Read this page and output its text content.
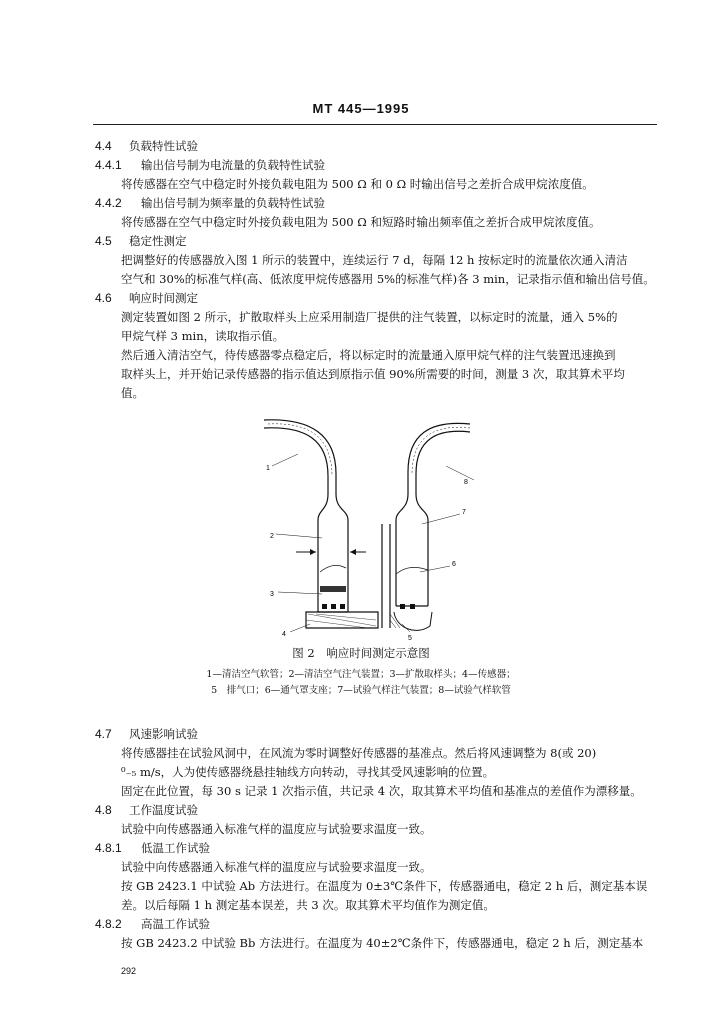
MT 445—1995
4.4 负载特性试验
4.4.1 输出信号制为电流量的负载特性试验
将传感器在空气中稳定时外接负载电阻为 500 Ω 和 0 Ω 时输出信号之差折合成甲烷浓度值。
4.4.2 输出信号制为频率量的负载特性试验
将传感器在空气中稳定时外接负载电阻为 500 Ω 和短路时输出频率值之差折合成甲烷浓度值。
4.5 稳定性测定
把调整好的传感器放入图 1 所示的装置中，连续运行 7 d，每隔 12 h 按标定时的流量依次通入清洁
空气和 30%的标准气样(高、低浓度甲烷传感器用 5%的标准气样)各 3 min，记录指示值和输出信号值。
4.6 响应时间测定
测定装置如图 2 所示，扩散取样头上应采用制造厂提供的注气装置，以标定时的流量，通入 5%的
甲烷气样 3 min，读取指示值。
然后通入清洁空气，待传感器零点稳定后，将以标定时的流量通入原甲烷气样的注气装置迅速换到
取样头上，并开始记录传感器的指示值达到原指示值 90%所需要的时间，测量 3 次，取其算术平均
值。
1
2
3
4
5
6
7
8
图 2　响应时间测定示意图
1—清洁空气软管；2—清洁空气注气装置；3—扩散取样头；4—传感器；
5　排气口；6—通气罩支座；7—试验气样注气装置；8—试验气样软管
4.7 风速影响试验
将传感器挂在试验风洞中，在风流为零时调整好传感器的基准点。然后将风速调整为 8(或 20)
⁰₋₅ m/s，人为使传感器绕悬挂轴线方向转动，寻找其受风速影响的位置。
固定在此位置，每 30 s 记录 1 次指示值，共记录 4 次，取其算术平均值和基准点的差值作为漂移量。
4.8 工作温度试验
试验中向传感器通入标准气样的温度应与试验要求温度一致。
4.8.1 低温工作试验
试验中向传感器通入标准气样的温度应与试验要求温度一致。
按 GB 2423.1 中试验 Ab 方法进行。在温度为 0±3℃条件下，传感器通电，稳定 2 h 后，测定基本误
差。以后每隔 1 h 测定基本误差，共 3 次。取其算术平均值作为测定值。
4.8.2 高温工作试验
按 GB 2423.2 中试验 Bb 方法进行。在温度为 40±2℃条件下，传感器通电，稳定 2 h 后，测定基本
292
